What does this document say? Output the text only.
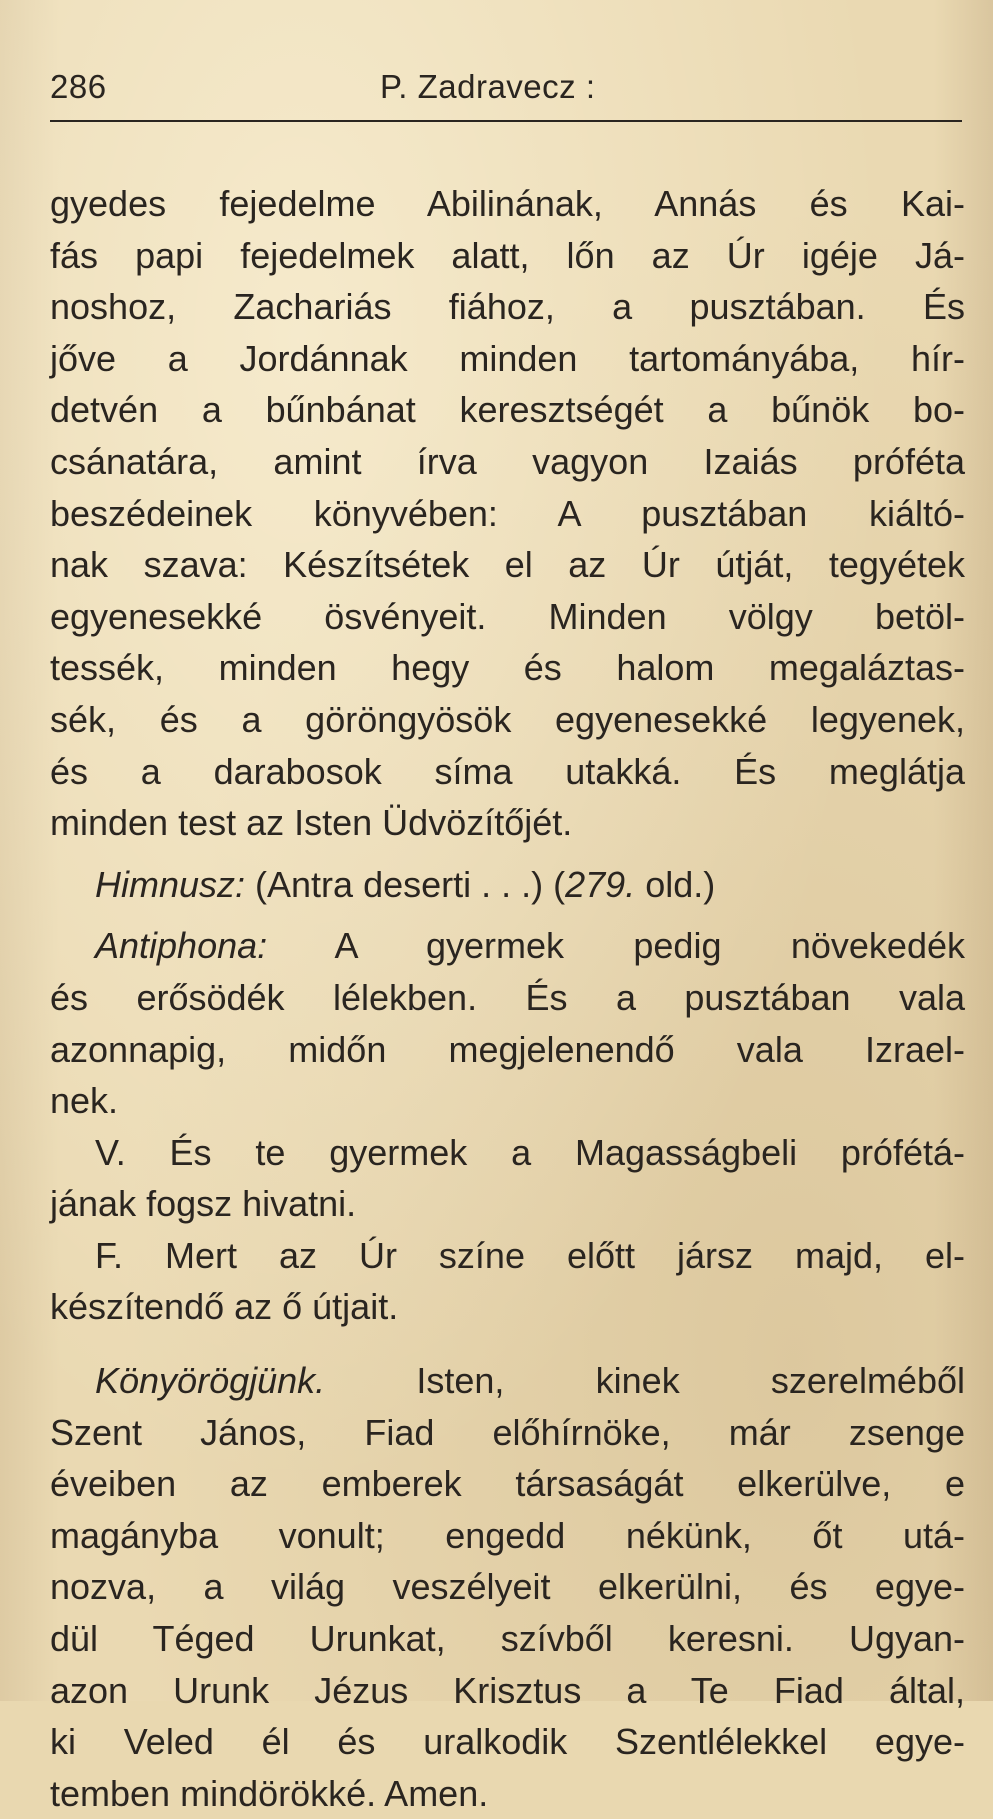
286	P. Zadravecz :
gyedes fejedelme Abilinának, Annás és Kai-
fás papi fejedelmek alatt, lőn az Úr igéje Já-
noshoz, Zachariás fiához, a pusztában. És
jőve a Jordánnak minden tartományába, hír-
detvén a bűnbánat keresztségét a bűnök bo-
csánatára, amint írva vagyon Izaiás próféta
beszédeinek könyvében: A pusztában kiáltó-
nak szava: Készítsétek el az Úr útját, tegyétek
egyenesekké ösvényeit. Minden völgy betöl-
tessék, minden hegy és halom megaláztas-
sék, és a göröngyösök egyenesekké legyenek,
és a darabosok síma utakká. És meglátja
minden test az Isten Üdvözítőjét.
Himnusz: (Antra deserti . . .) (279. old.)
Antiphona: A gyermek pedig növekedék
és erősödék lélekben. És a pusztában vala
azonnapig, midőn megjelenendő vala Izrael-
nek.
V. És te gyermek a Magasságbeli prófétá-
jának fogsz hivatni.
F. Mert az Úr színe előtt jársz majd, el-
készítendő az ő útjait.
Könyörögjünk. Isten, kinek szerelméből
Szent János, Fiad előhírnöke, már zsenge
éveiben az emberek társaságát elkerülve, e
magányba vonult; engedd nékünk, őt utá-
nozva, a világ veszélyeit elkerülni, és egye-
dül Téged Urunkat, szívből keresni. Ugyan-
azon Urunk Jézus Krisztus a Te Fiad által,
ki Veled él és uralkodik Szentlélekkel egye-
temben mindörökké. Amen.
